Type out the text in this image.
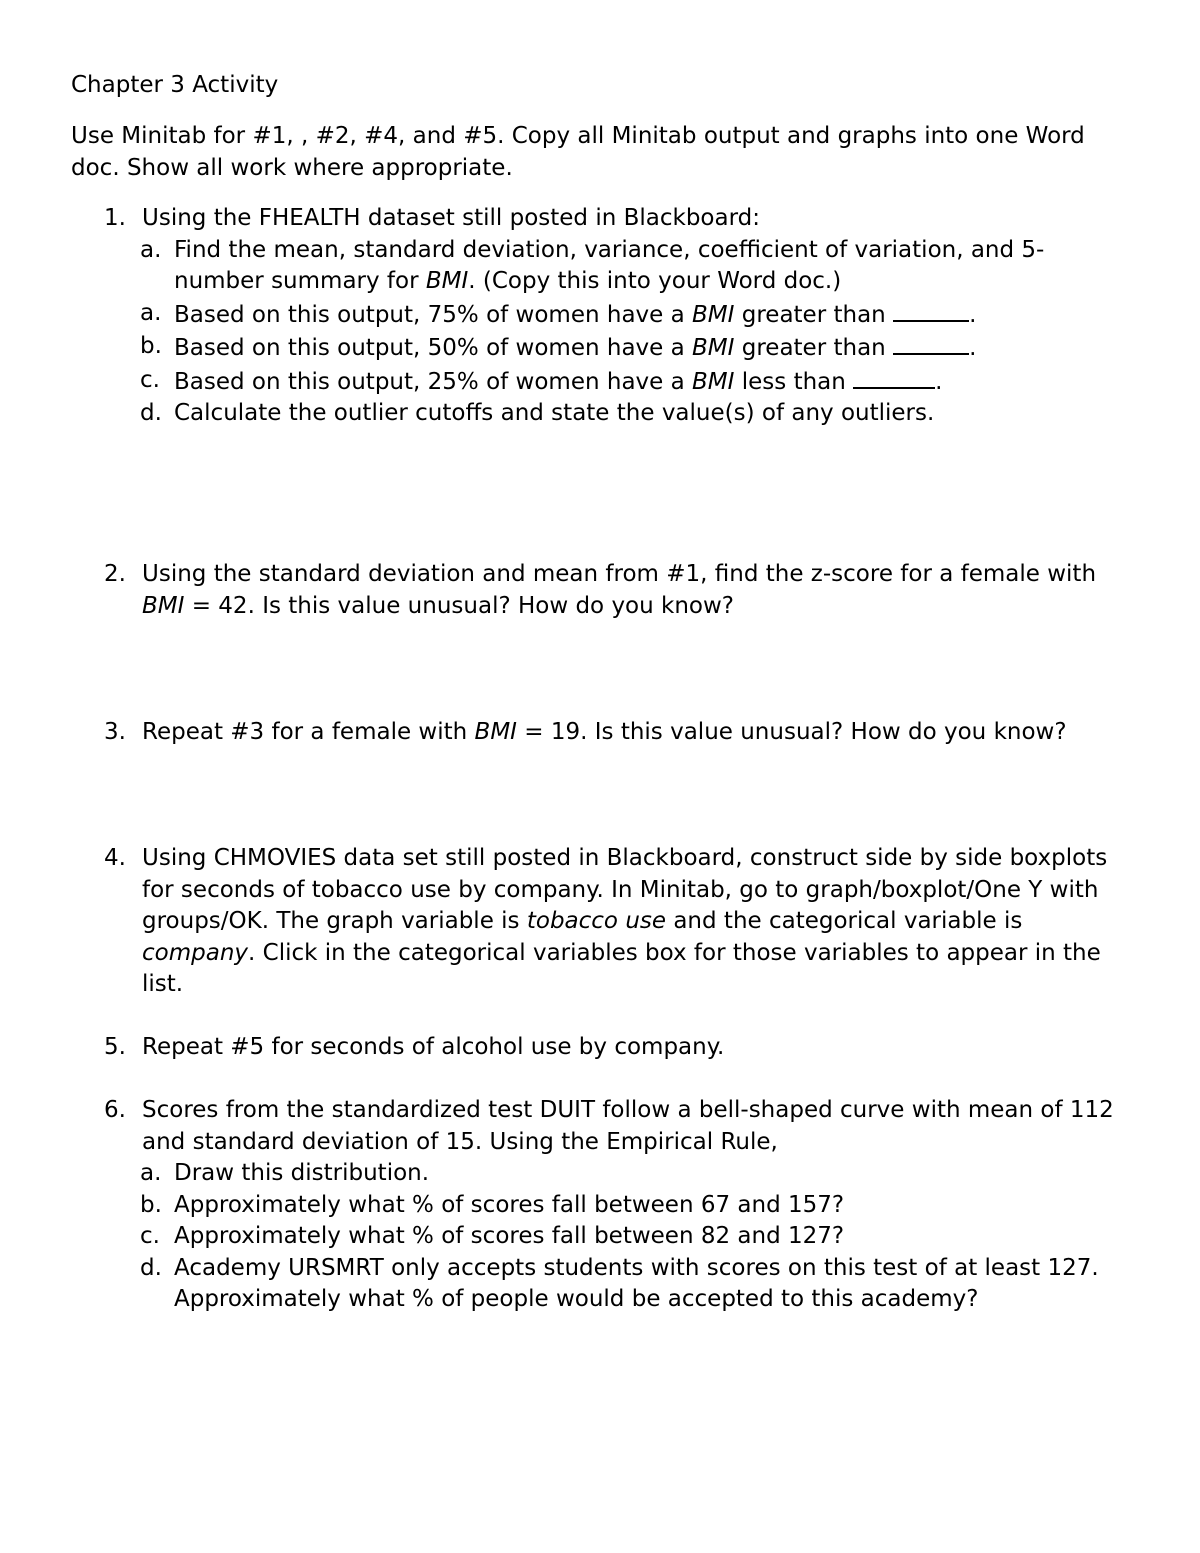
Chapter 3 Activity

Use Minitab for #1, , #2, #4, and #5. Copy all Minitab output and graphs into one Word doc. Show all work where appropriate.

1. Using the FHEALTH dataset still posted in Blackboard:
a. Find the mean, standard deviation, variance, coefficient of variation, and 5-number summary for BMI. (Copy this into your Word doc.)
a. Based on this output, 75% of women have a BMI greater than	.
b. Based on this output, 50% of women have a BMI greater than	.
c. Based on this output, 25% of women have a BMI less than	.
d. Calculate the outlier cutoffs and state the value(s) of any outliers.
2. Using the standard deviation and mean from #1, find the z-score for a female with BMI = 42. Is this value unusual? How do you know?
3. Repeat #3 for a female with BMI = 19. Is this value unusual? How do you know?
4. Using CHMOVIES data set still posted in Blackboard, construct side by side boxplots for seconds of tobacco use by company. In Minitab, go to graph/boxplot/One Y with groups/OK. The graph variable is tobacco use and the categorical variable is company. Click in the categorical variables box for those variables to appear in the list.
5. Repeat #5 for seconds of alcohol use by company.
6. Scores from the standardized test DUIT follow a bell-shaped curve with mean of 112 and standard deviation of 15. Using the Empirical Rule,
a. Draw this distribution.
b. Approximately what % of scores fall between 67 and 157?
c. Approximately what % of scores fall between 82 and 127?
d. Academy URSMRT only accepts students with scores on this test of at least 127. Approximately what % of people would be accepted to this academy?
